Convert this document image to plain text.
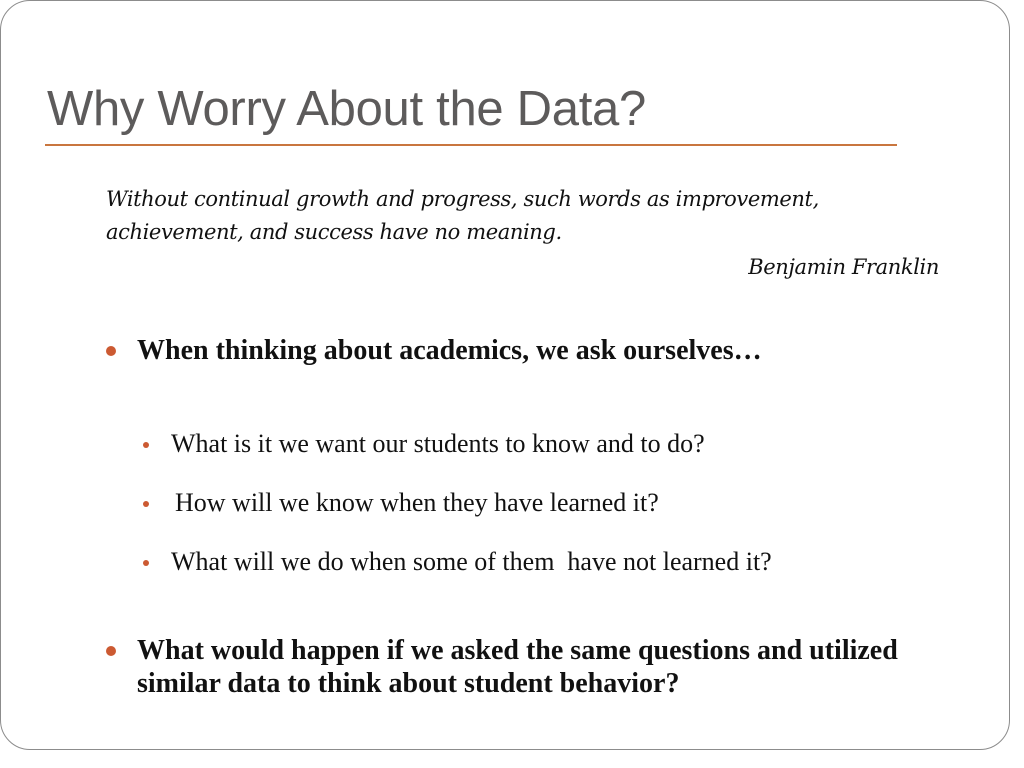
Why Worry About the Data?
Without continual growth and progress, such words as improvement, achievement, and success have no meaning.
Benjamin Franklin
When thinking about academics, we ask ourselves…
What is it we want our students to know and to do?
How will we know when they have learned it?
What will we do when some of them  have not learned it?
What would happen if we asked the same questions and utilized similar data to think about student behavior?
